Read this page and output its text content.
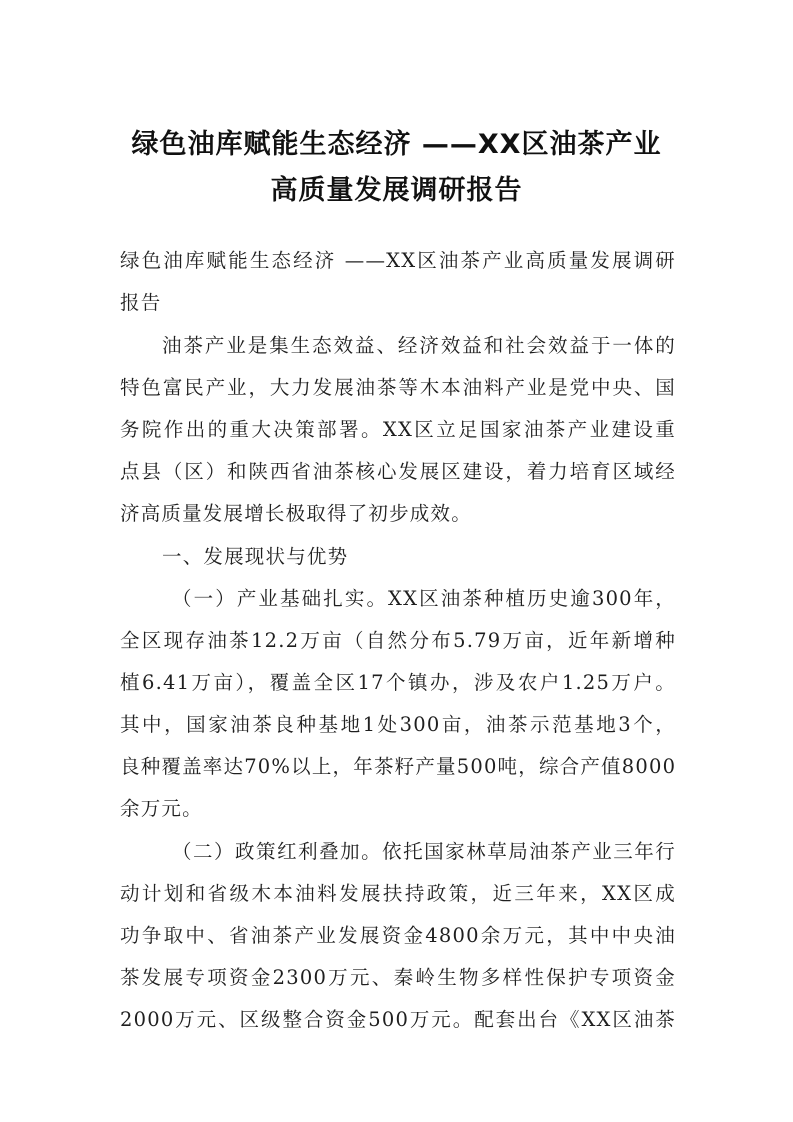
绿色油库赋能生态经济 ——XX区油茶产业
高质量发展调研报告
绿色油库赋能生态经济 ——XX区油茶产业高质量发展调研
报告
油茶产业是集生态效益、经济效益和社会效益于一体的
特色富民产业，大力发展油茶等木本油料产业是党中央、国
务院作出的重大决策部署。XX区立足国家油茶产业建设重
点县（区）和陕西省油茶核心发展区建设，着力培育区域经
济高质量发展增长极取得了初步成效。
一、发展现状与优势
（一）产业基础扎实。XX区油茶种植历史逾300年，
全区现存油茶12.2万亩（自然分布5.79万亩，近年新增种
植6.41万亩），覆盖全区17个镇办，涉及农户1.25万户。
其中，国家油茶良种基地1处300亩，油茶示范基地3个，
良种覆盖率达70%以上，年茶籽产量500吨，综合产值8000
余万元。
（二）政策红利叠加。依托国家林草局油茶产业三年行
动计划和省级木本油料发展扶持政策，近三年来，XX区成
功争取中、省油茶产业发展资金4800余万元，其中中央油
茶发展专项资金2300万元、秦岭生物多样性保护专项资金
2000万元、区级整合资金500万元。配套出台《XX区油茶
